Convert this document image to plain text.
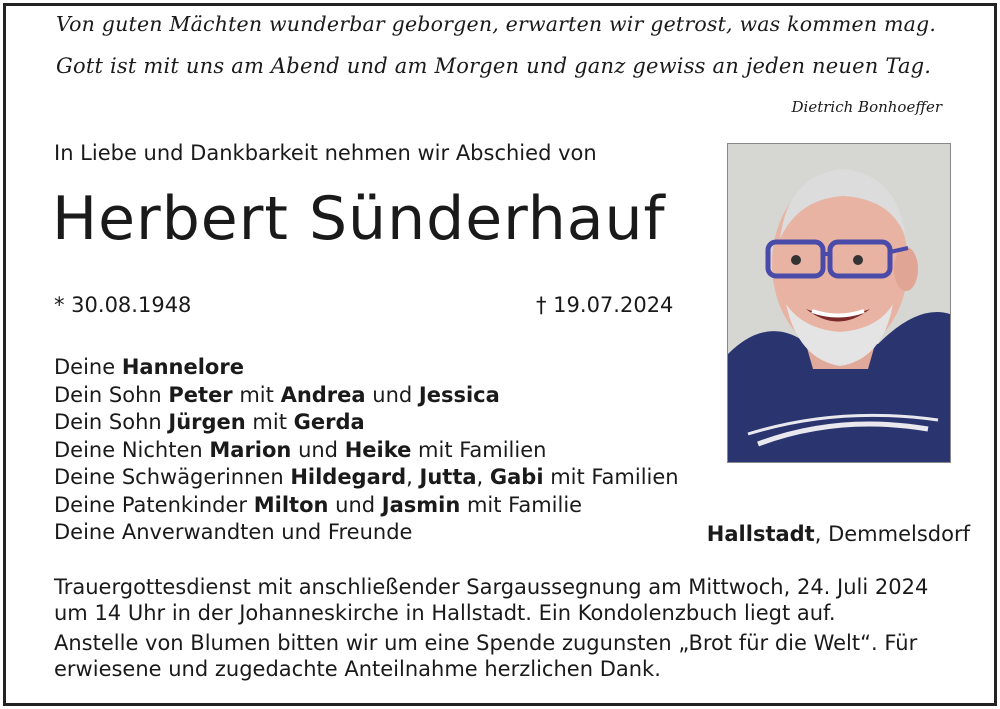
Von guten Mächten wunderbar geborgen, erwarten wir getrost, was kommen mag.
Gott ist mit uns am Abend und am Morgen und ganz gewiss an jeden neuen Tag.
Dietrich Bonhoeffer
In Liebe und Dankbarkeit nehmen wir Abschied von
Herbert Sünderhauf
* 30.08.1948	† 19.07.2024
Deine Hannelore
Dein Sohn Peter mit Andrea und Jessica
Dein Sohn Jürgen mit Gerda
Deine Nichten Marion und Heike mit Familien
Deine Schwägerinnen Hildegard, Jutta, Gabi mit Familien
Deine Patenkinder Milton und Jasmin mit Familie
Deine Anverwandten und Freunde	Hallstadt, Demmelsdorf

Trauergottesdienst mit anschließender Sargaussegnung am Mittwoch, 24. Juli 2024 um 14 Uhr in der Johanneskirche in Hallstadt. Ein Kondolenzbuch liegt auf.

Anstelle von Blumen bitten wir um eine Spende zugunsten „Brot für die Welt“. Für erwiesene und zugedachte Anteilnahme herzlichen Dank.
